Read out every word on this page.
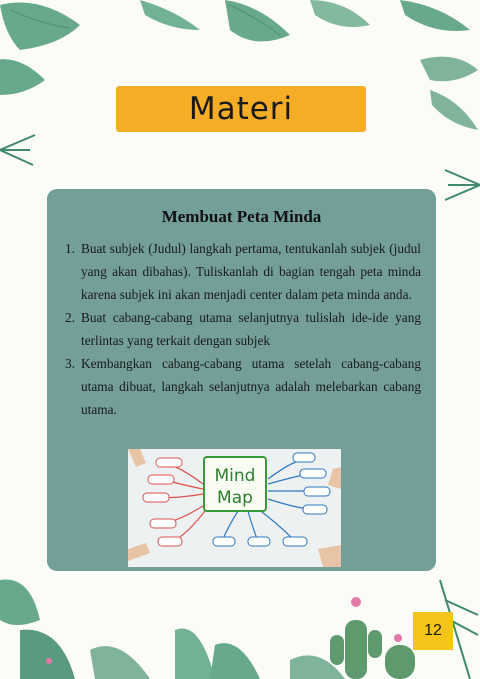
Materi
Membuat Peta Minda
1. Buat subjek (Judul) langkah pertama, tentukanlah subjek (judul yang akan dibahas). Tuliskanlah di bagian tengah peta minda karena subjek ini akan menjadi center dalam peta minda anda.
2. Buat cabang-cabang utama selanjutnya tulislah ide-ide yang terlintas yang terkait dengan subjek
3. Kembangkan cabang-cabang utama setelah cabang-cabang utama dibuat, langkah selanjutnya adalah melebarkan cabang utama.
Mind
Map
12
